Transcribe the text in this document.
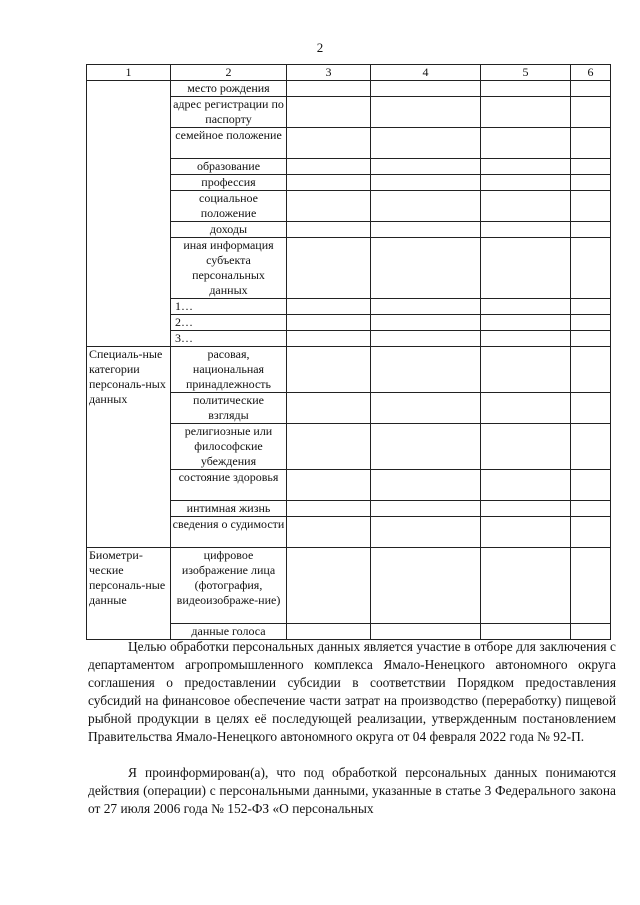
2
1	2	3	4	5	6
	место рождения				
	адрес регистрации по паспорту				
	семейное положение				
	образование				
	профессия				
	социальное положение				
	доходы				
	иная информация субъекта персональных данных				
	1…				
	2…				
	3…				
Специаль-ные категории персональ-ных данных	расовая, национальная принадлежность				
	политические взгляды				
	религиозные или философские убеждения				
	состояние здоровья				
	интимная жизнь				
	сведения о судимости				
Биометри-ческие персональ-ные данные	цифровое изображение лица (фотография, видеоизображе-ние)				
	данные голоса				

Целью обработки персональных данных является участие в отборе для заключения с департаментом агропромышленного комплекса Ямало-Ненецкого автономного округа соглашения о предоставлении субсидии в соответствии Порядком предоставления субсидий на финансовое обеспечение части затрат на производство (переработку) пищевой рыбной продукции в целях её последующей реализации, утвержденным постановлением Правительства Ямало-Ненецкого автономного округа от 04 февраля 2022 года № 92-П.

Я проинформирован(а), что под обработкой персональных данных понимаются действия (операции) с персональными данными, указанные в статье 3 Федерального закона от 27 июля 2006 года № 152-ФЗ «О персональных
